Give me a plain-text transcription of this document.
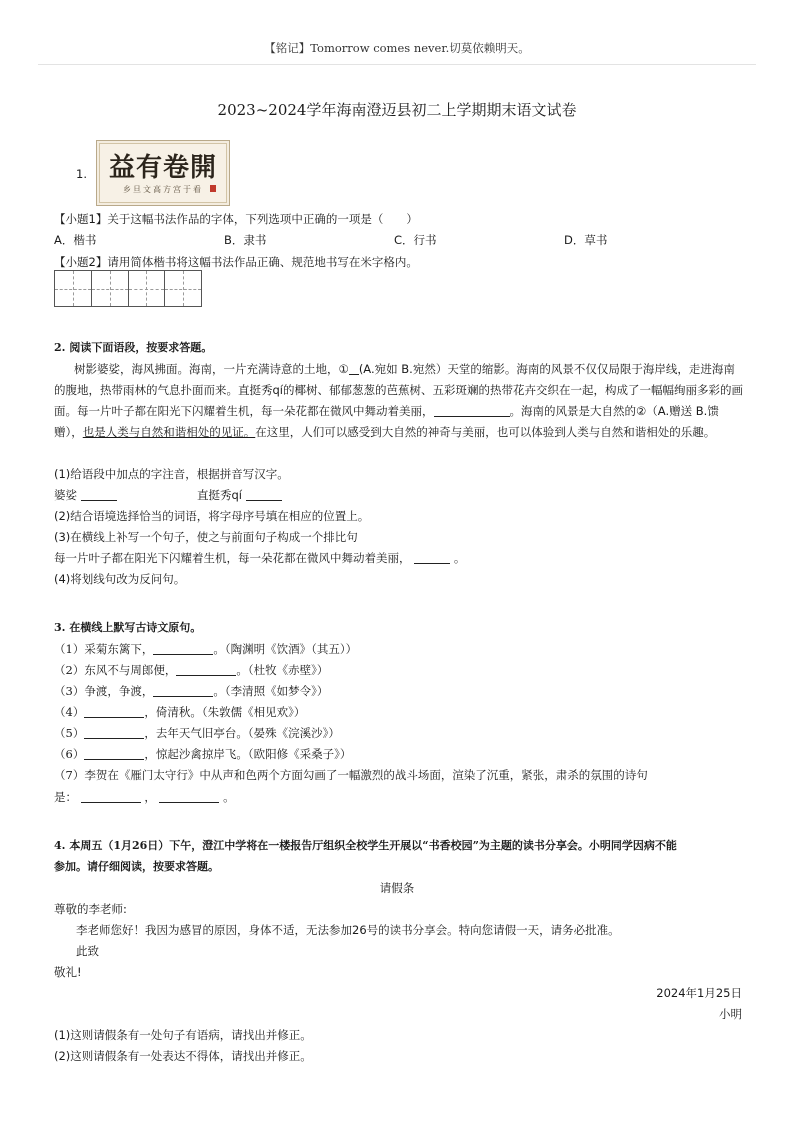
【铭记】Tomorrow comes never.切莫依赖明天。
2023~2024学年海南澄迈县初二上学期期末语文试卷
1. 益有卷開
乡旦文高方宫于看
【小题1】关于这幅书法作品的字体，下列选项中正确的一项是（　　）
A．楷书	B．隶书	C．行书	D．草书
【小题2】请用简体楷书将这幅书法作品正确、规范地书写在米字格内。
2. 阅读下面语段，按要求答题。
树影婆娑，海风拂面。海南，一片充满诗意的土地，① (A.宛如 B.宛然）天堂的缩影。海南的风景不仅仅局限于海岸线，走进海南的腹地，热带雨林的气息扑面而来。直挺秀qí的椰树、郁郁葱葱的芭蕉树、五彩斑斓的热带花卉交织在一起，构成了一幅幅绚丽多彩的画面。每一片叶子都在阳光下闪耀着生机，每一朵花都在微风中舞动着美丽，	。海南的风景是大自然的②（A.赠送 B.馈赠），也是人类与自然和谐相处的见证。在这里，人们可以感受到大自然的神奇与美丽，也可以体验到人类与自然和谐相处的乐趣。
(1)给语段中加点的字注音，根据拼音写汉字。
婆娑	直挺秀qí
(2)结合语境选择恰当的词语，将字母序号填在相应的位置上。
(3)在横线上补写一个句子，使之与前面句子构成一个排比句
每一片叶子都在阳光下闪耀着生机，每一朵花都在微风中舞动着美丽，	。
(4)将划线句改为反问句。
3. 在横线上默写古诗文原句。
（1）采菊东篱下，	。（陶渊明《饮酒》（其五））
（2）东风不与周郎便，	。（杜牧《赤壁》）
（3）争渡，争渡，	。（李清照《如梦令》）
（4）	，倚清秋。（朱敦儒《相见欢》）
（5）	，去年天气旧亭台。（晏殊《浣溪沙》）
（6）	，惊起沙禽掠岸飞。（欧阳修《采桑子》）
（7）李贺在《雁门太守行》中从声和色两个方面勾画了一幅激烈的战斗场面，渲染了沉重，紧张，肃杀的氛围的诗句
是：	，	。
4. 本周五（1月26日）下午，澄江中学将在一楼报告厅组织全校学生开展以“书香校园”为主题的读书分享会。小明同学因病不能
参加。请仔细阅读，按要求答题。
请假条
尊敬的李老师:
李老师您好！我因为感冒的原因，身体不适，无法参加26号的读书分享会。特向您请假一天，请务必批准。
此致
敬礼!
2024年1月25日
小明
(1)这则请假条有一处句子有语病，请找出并修正。
(2)这则请假条有一处表达不得体，请找出并修正。
